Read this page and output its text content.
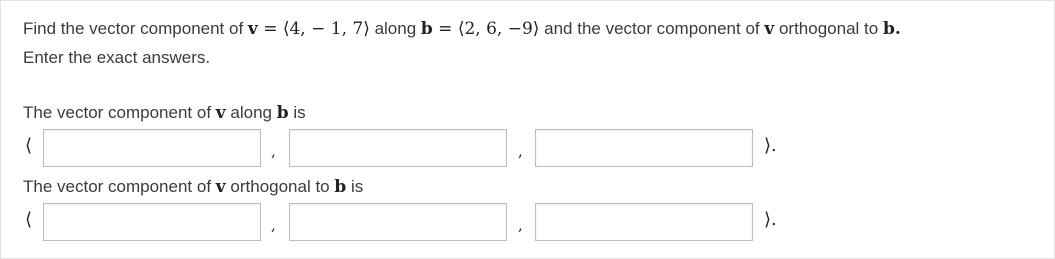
Find the vector component of v = ⟨4, − 1, 7⟩ along b = ⟨2, 6, −9⟩ and the vector component of v orthogonal to b.
Enter the exact answers.
The vector component of v along b is
⟨	,	,	⟩.
The vector component of v orthogonal to b is
⟨	,	,	⟩.
